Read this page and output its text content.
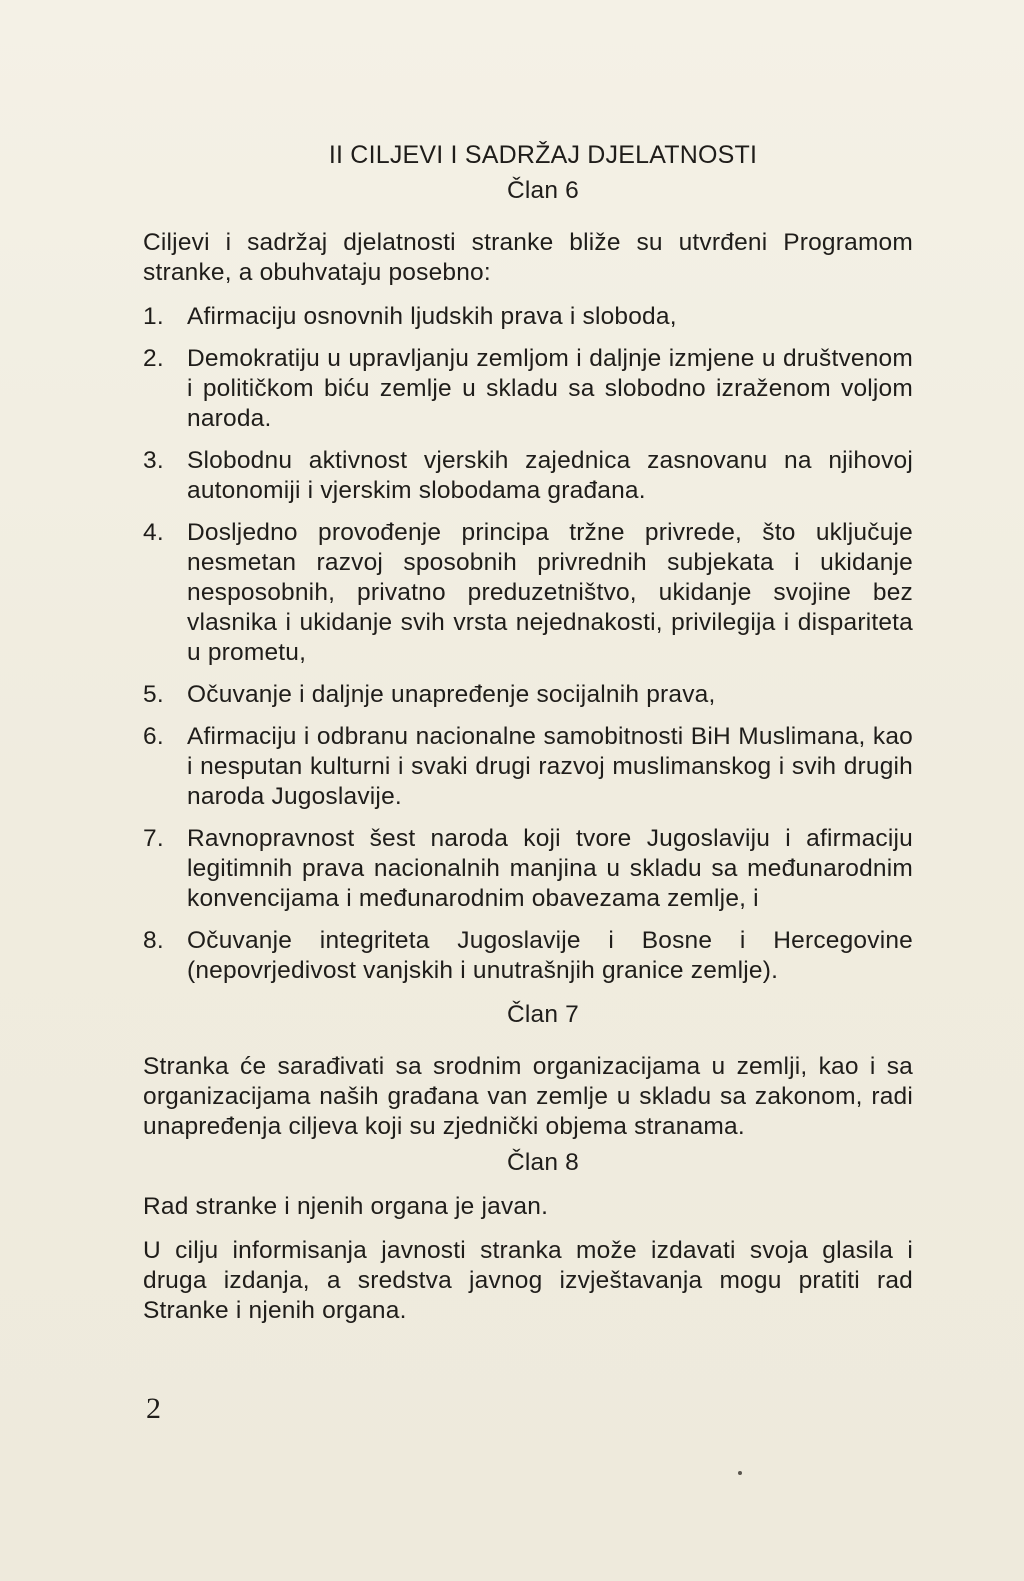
II CILJEVI I SADRŽAJ DJELATNOSTI
Član 6
Ciljevi i sadržaj djelatnosti stranke bliže su utvrđeni Programom stranke, a obuhvataju posebno:
1. Afirmaciju osnovnih ljudskih prava i sloboda,
2. Demokratiju u upravljanju zemljom i daljnje izmjene u društvenom i političkom biću zemlje u skladu sa slobodno izraženom voljom naroda.
3. Slobodnu aktivnost vjerskih zajednica zasnovanu na njihovoj autonomiji i vjerskim slobodama građana.
4. Dosljedno provođenje principa tržne privrede, što uključuje nesmetan razvoj sposobnih privrednih subjekata i ukidanje nesposobnih, privatno preduzetništvo, ukidanje svojine bez vlasnika i ukidanje svih vrsta nejednakosti, privilegija i dispariteta u prometu,
5. Očuvanje i daljnje unapređenje socijalnih prava,
6. Afirmaciju i odbranu nacionalne samobitnosti BiH Muslimana, kao i nesputan kulturni i svaki drugi razvoj muslimanskog i svih drugih naroda Jugoslavije.
7. Ravnopravnost šest naroda koji tvore Jugoslaviju i afirmaciju legitimnih prava nacionalnih manjina u skladu sa međunarodnim konvencijama i međunarodnim obavezama zemlje, i
8. Očuvanje integriteta Jugoslavije i Bosne i Hercegovine (nepovrjedivost vanjskih i unutrašnjih granice zemlje).
Član 7
Stranka će sarađivati sa srodnim organizacijama u zemlji, kao i sa organizacijama naših građana van zemlje u skladu sa zakonom, radi unapređenja ciljeva koji su zjednički objema stranama.
Član 8
Rad stranke i njenih organa je javan.
U cilju informisanja javnosti stranka može izdavati svoja glasila i druga izdanja, a sredstva javnog izvještavanja mogu pratiti rad Stranke i njenih organa.
2
